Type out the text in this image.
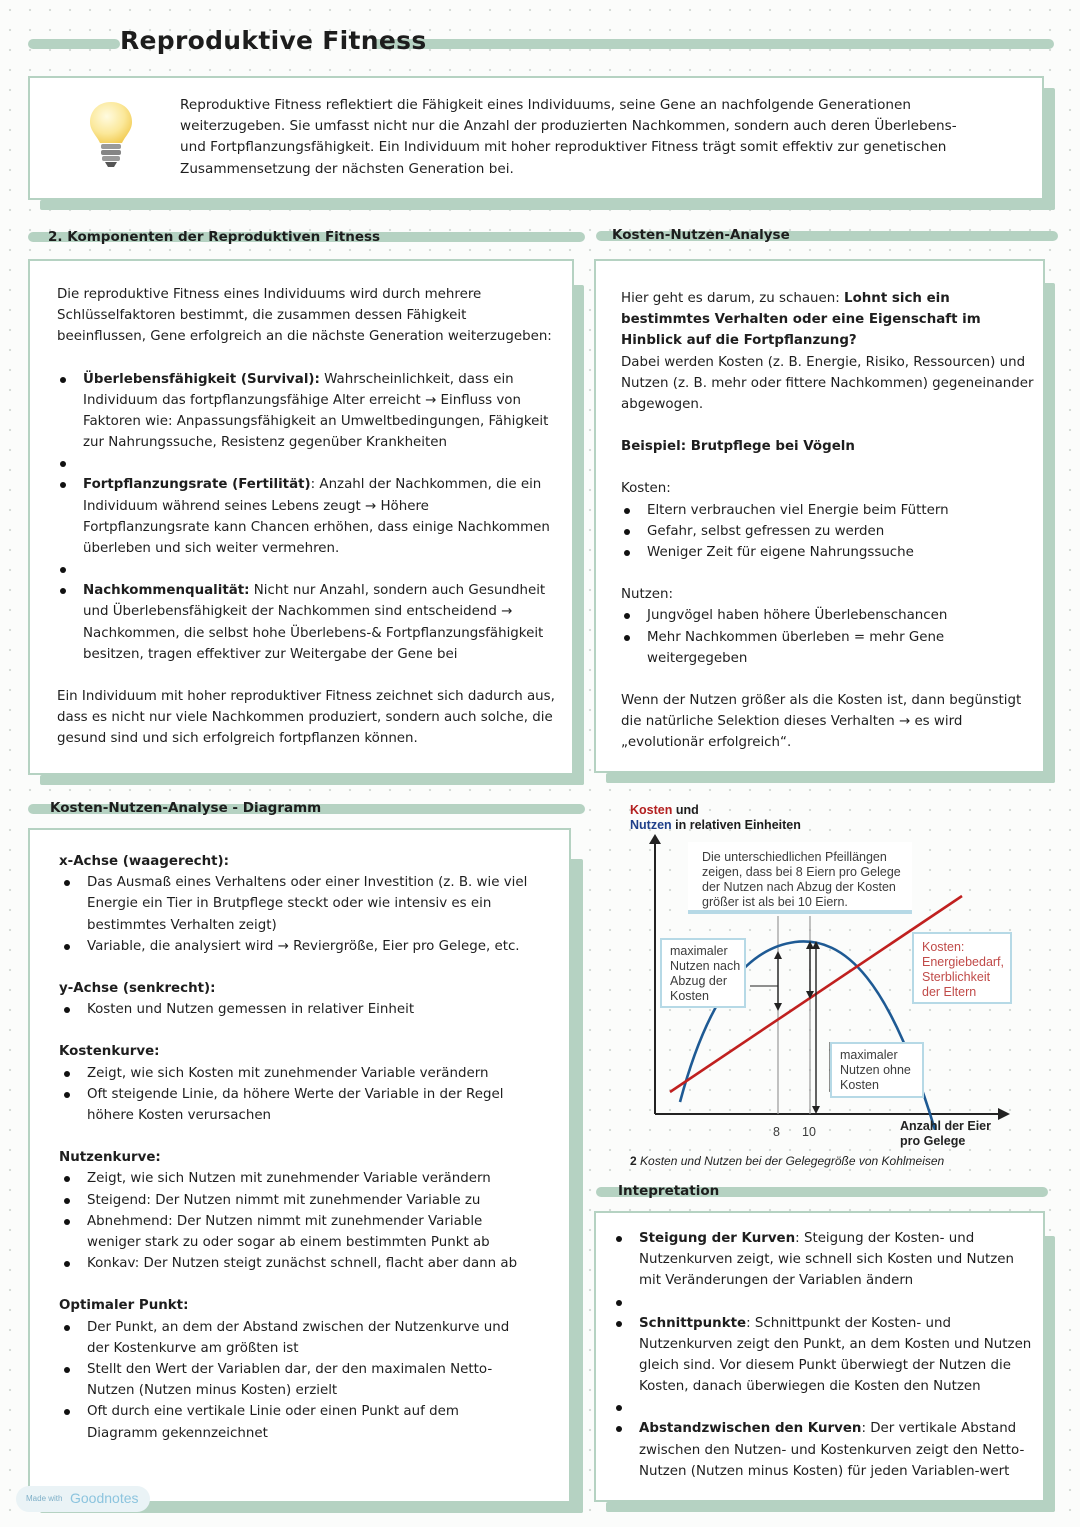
Reproduktive Fitness
Reproduktive Fitness reflektiert die Fähigkeit eines Individuums, seine Gene an nachfolgende Generationen
weiterzugeben. Sie umfasst nicht nur die Anzahl der produzierten Nachkommen, sondern auch deren Überlebens-
und Fortpflanzungsfähigkeit. Ein Individuum mit hoher reproduktiver Fitness trägt somit effektiv zur genetischen
Zusammensetzung der nächsten Generation bei.
2. Komponenten der Reproduktiven Fitness

Die reproduktive Fitness eines Individuums wird durch mehrere Schlüsselfaktoren bestimmt, die zusammen dessen Fähigkeit beeinflussen, Gene erfolgreich an die nächste Generation weiterzugeben:

Überlebensfähigkeit (Survival): Wahrscheinlichkeit, dass ein Individuum das fortpflanzungsfähige Alter erreicht → Einfluss von Faktoren wie: Anpassungsfähigkeit an Umweltbedingungen, Fähigkeit zur Nahrungssuche, Resistenz gegenüber Krankheiten
Fortpflanzungsrate (Fertilität): Anzahl der Nachkommen, die ein Individuum während seines Lebens zeugt → Höhere Fortpflanzungsrate kann Chancen erhöhen, dass einige Nachkommen überleben und sich weiter vermehren.
Nachkommenqualität: Nicht nur Anzahl, sondern auch Gesundheit und Überlebensfähigkeit der Nachkommen sind entscheidend → Nachkommen, die selbst hohe Überlebens-& Fortpflanzungsfähigkeit besitzen, tragen effektiver zur Weitergabe der Gene bei

Ein Individuum mit hoher reproduktiver Fitness zeichnet sich dadurch aus, dass es nicht nur viele Nachkommen produziert, sondern auch solche, die gesund sind und sich erfolgreich fortpflanzen können.

Kosten-Nutzen-Analyse

Hier geht es darum, zu schauen: Lohnt sich ein bestimmtes Verhalten oder eine Eigenschaft im Hinblick auf die Fortpflanzung?

Dabei werden Kosten (z. B. Energie, Risiko, Ressourcen) und Nutzen (z. B. mehr oder fittere Nachkommen) gegeneinander abgewogen.

Beispiel: Brutpflege bei Vögeln

Kosten:

Eltern verbrauchen viel Energie beim Füttern
Gefahr, selbst gefressen zu werden
Weniger Zeit für eigene Nahrungssuche

Nutzen:

Jungvögel haben höhere Überlebenschancen
Mehr Nachkommen überleben = mehr Gene weitergegeben

Wenn der Nutzen größer als die Kosten ist, dann begünstigt die natürliche Selektion dieses Verhalten → es wird „evolutionär erfolgreich“.

Kosten-Nutzen-Analyse - Diagramm

x-Achse (waagerecht):

Das Ausmaß eines Verhaltens oder einer Investition (z. B. wie viel Energie ein Tier in Brutpflege steckt oder wie intensiv es ein bestimmtes Verhalten zeigt)
Variable, die analysiert wird → Reviergröße, Eier pro Gelege, etc.

y-Achse (senkrecht):

Kosten und Nutzen gemessen in relativer Einheit

Kostenkurve:

Zeigt, wie sich Kosten mit zunehmender Variable verändern
Oft steigende Linie, da höhere Werte der Variable in der Regel höhere Kosten verursachen

Nutzenkurve:

Zeigt, wie sich Nutzen mit zunehmender Variable verändern
Steigend: Der Nutzen nimmt mit zunehmender Variable zu
Abnehmend: Der Nutzen nimmt mit zunehmender Variable weniger stark zu oder sogar ab einem bestimmten Punkt ab
Konkav: Der Nutzen steigt zunächst schnell, flacht aber dann ab

Optimaler Punkt:

Der Punkt, an dem der Abstand zwischen der Nutzenkurve und der Kostenkurve am größten ist
Stellt den Wert der Variablen dar, der den maximalen Netto-Nutzen (Nutzen minus Kosten) erzielt
Oft durch eine vertikale Linie oder einen Punkt auf dem Diagramm gekennzeichnet
Kosten und
Nutzen in relativen Einheiten
Die unterschiedlichen Pfeillängen zeigen, dass bei 8 Eiern pro Gelege der Nutzen nach Abzug der Kosten größer ist als bei 10 Eiern.
maximaler Nutzen nach Abzug der Kosten
Kosten: Energiebedarf, Sterblichkeit der Eltern
maximaler Nutzen ohne Kosten
8 10	Anzahl der Eier pro Gelege
2 Kosten und Nutzen bei der Gelegegröße von Kohlmeisen
Intepretation
Steigung der Kurven: Steigung der Kosten- und Nutzenkurven zeigt, wie schnell sich Kosten und Nutzen mit Veränderungen der Variablen ändern
Schnittpunkte: Schnittpunkt der Kosten- und Nutzenkurven zeigt den Punkt, an dem Kosten und Nutzen gleich sind. Vor diesem Punkt überwiegt der Nutzen die Kosten, danach überwiegen die Kosten den Nutzen
Abstandzwischen den Kurven: Der vertikale Abstand zwischen den Nutzen- und Kostenkurven zeigt den Netto-Nutzen (Nutzen minus Kosten) für jeden Variablen-wert
Made with Goodnotes
